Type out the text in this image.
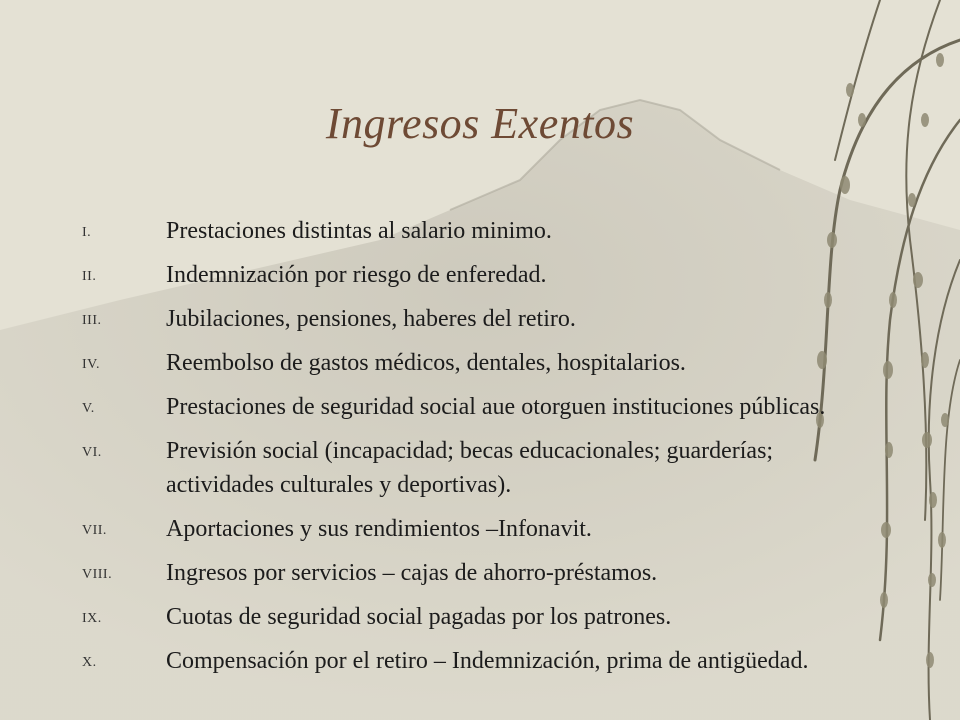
Ingresos Exentos
I.	Prestaciones distintas al salario minimo.
II.	Indemnización por riesgo de enferedad.
III.	Jubilaciones, pensiones, haberes del retiro.
IV.	Reembolso de gastos médicos, dentales, hospitalarios.
V.	Prestaciones de seguridad social aue otorguen instituciones públicas.
VI.	Previsión social (incapacidad; becas educacionales; guarderías; actividades culturales y deportivas).
VII. Aportaciones y sus rendimientos –Infonavit.
VIII. Ingresos por servicios – cajas de ahorro-préstamos.
IX.	Cuotas de seguridad social pagadas por los patrones.
X.	Compensación por el retiro – Indemnización, prima de antigüedad.
